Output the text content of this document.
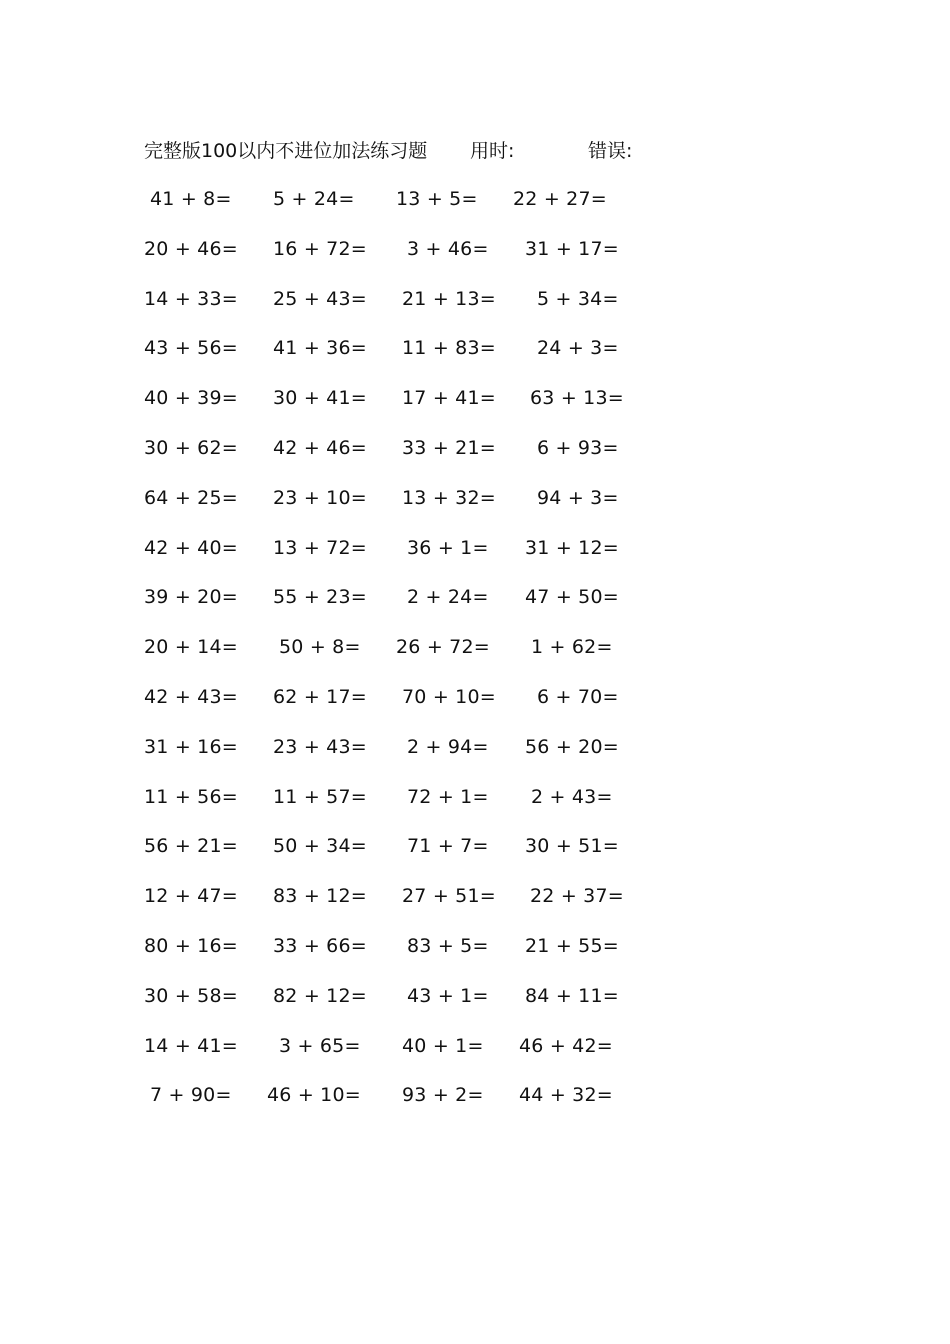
完整版100以内不进位加法练习题 用时:	错误:
41 + 8= 5 + 24= 13 + 5= 22 + 27=
20 + 46= 16 + 72= 3 + 46= 31 + 17=
14 + 33= 25 + 43= 21 + 13= 5 + 34=
43 + 56= 41 + 36= 11 + 83= 24 + 3=
40 + 39= 30 + 41= 17 + 41= 63 + 13=
30 + 62= 42 + 46= 33 + 21= 6 + 93=
64 + 25= 23 + 10= 13 + 32= 94 + 3=
42 + 40= 13 + 72= 36 + 1= 31 + 12=
39 + 20= 55 + 23= 2 + 24= 47 + 50=
20 + 14= 50 + 8= 26 + 72= 1 + 62=
42 + 43= 62 + 17= 70 + 10= 6 + 70=
31 + 16= 23 + 43= 2 + 94= 56 + 20=
11 + 56= 11 + 57= 72 + 1= 2 + 43=
56 + 21= 50 + 34= 71 + 7= 30 + 51=
12 + 47= 83 + 12= 27 + 51= 22 + 37=
80 + 16= 33 + 66= 83 + 5= 21 + 55=
30 + 58= 82 + 12= 43 + 1= 84 + 11=
14 + 41= 3 + 65= 40 + 1= 46 + 42=
7 + 90= 46 + 10= 93 + 2= 44 + 32=
